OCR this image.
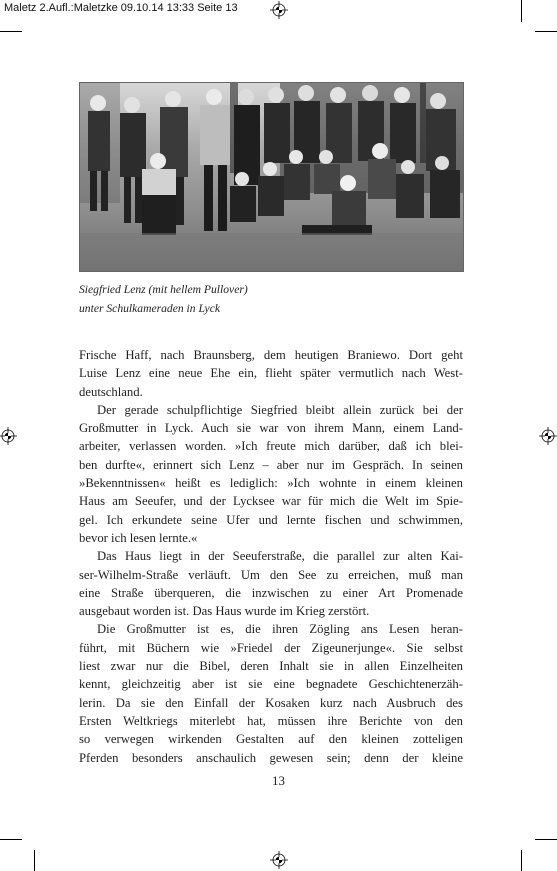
Maletz 2.Aufl.:Maletzke 09.10.14 13:33 Seite 13
Siegfried Lenz (mit hellem Pullover)
unter Schulkameraden in Lyck
Frische Haff, nach Braunsberg, dem heutigen Braniewo. Dort geht
Luise Lenz eine neue Ehe ein, flieht später vermutlich nach West-
deutschland.
Der gerade schulpflichtige Siegfried bleibt allein zurück bei der
Großmutter in Lyck. Auch sie war von ihrem Mann, einem Land-
arbeiter, verlassen worden. »Ich freute mich darüber, daß ich blei-
ben durfte«, erinnert sich Lenz – aber nur im Gespräch. In seinen
»Bekenntnissen« heißt es lediglich: »Ich wohnte in einem kleinen
Haus am Seeufer, und der Lycksee war für mich die Welt im Spie-
gel. Ich erkundete seine Ufer und lernte fischen und schwimmen,
bevor ich lesen lernte.«
Das Haus liegt in der Seeuferstraße, die parallel zur alten Kai-
ser-Wilhelm-Straße verläuft. Um den See zu erreichen, muß man
eine Straße überqueren, die inzwischen zu einer Art Promenade
ausgebaut worden ist. Das Haus wurde im Krieg zerstört.
Die Großmutter ist es, die ihren Zögling ans Lesen heran-
führt, mit Büchern wie »Friedel der Zigeunerjunge«. Sie selbst
liest zwar nur die Bibel, deren Inhalt sie in allen Einzelheiten
kennt, gleichzeitig aber ist sie eine begnadete Geschichtenerzäh-
lerin. Da sie den Einfall der Kosaken kurz nach Ausbruch des
Ersten Weltkriegs miterlebt hat, müssen ihre Berichte von den
so verwegen wirkenden Gestalten auf den kleinen zotteligen
Pferden besonders anschaulich gewesen sein; denn der kleine
13
